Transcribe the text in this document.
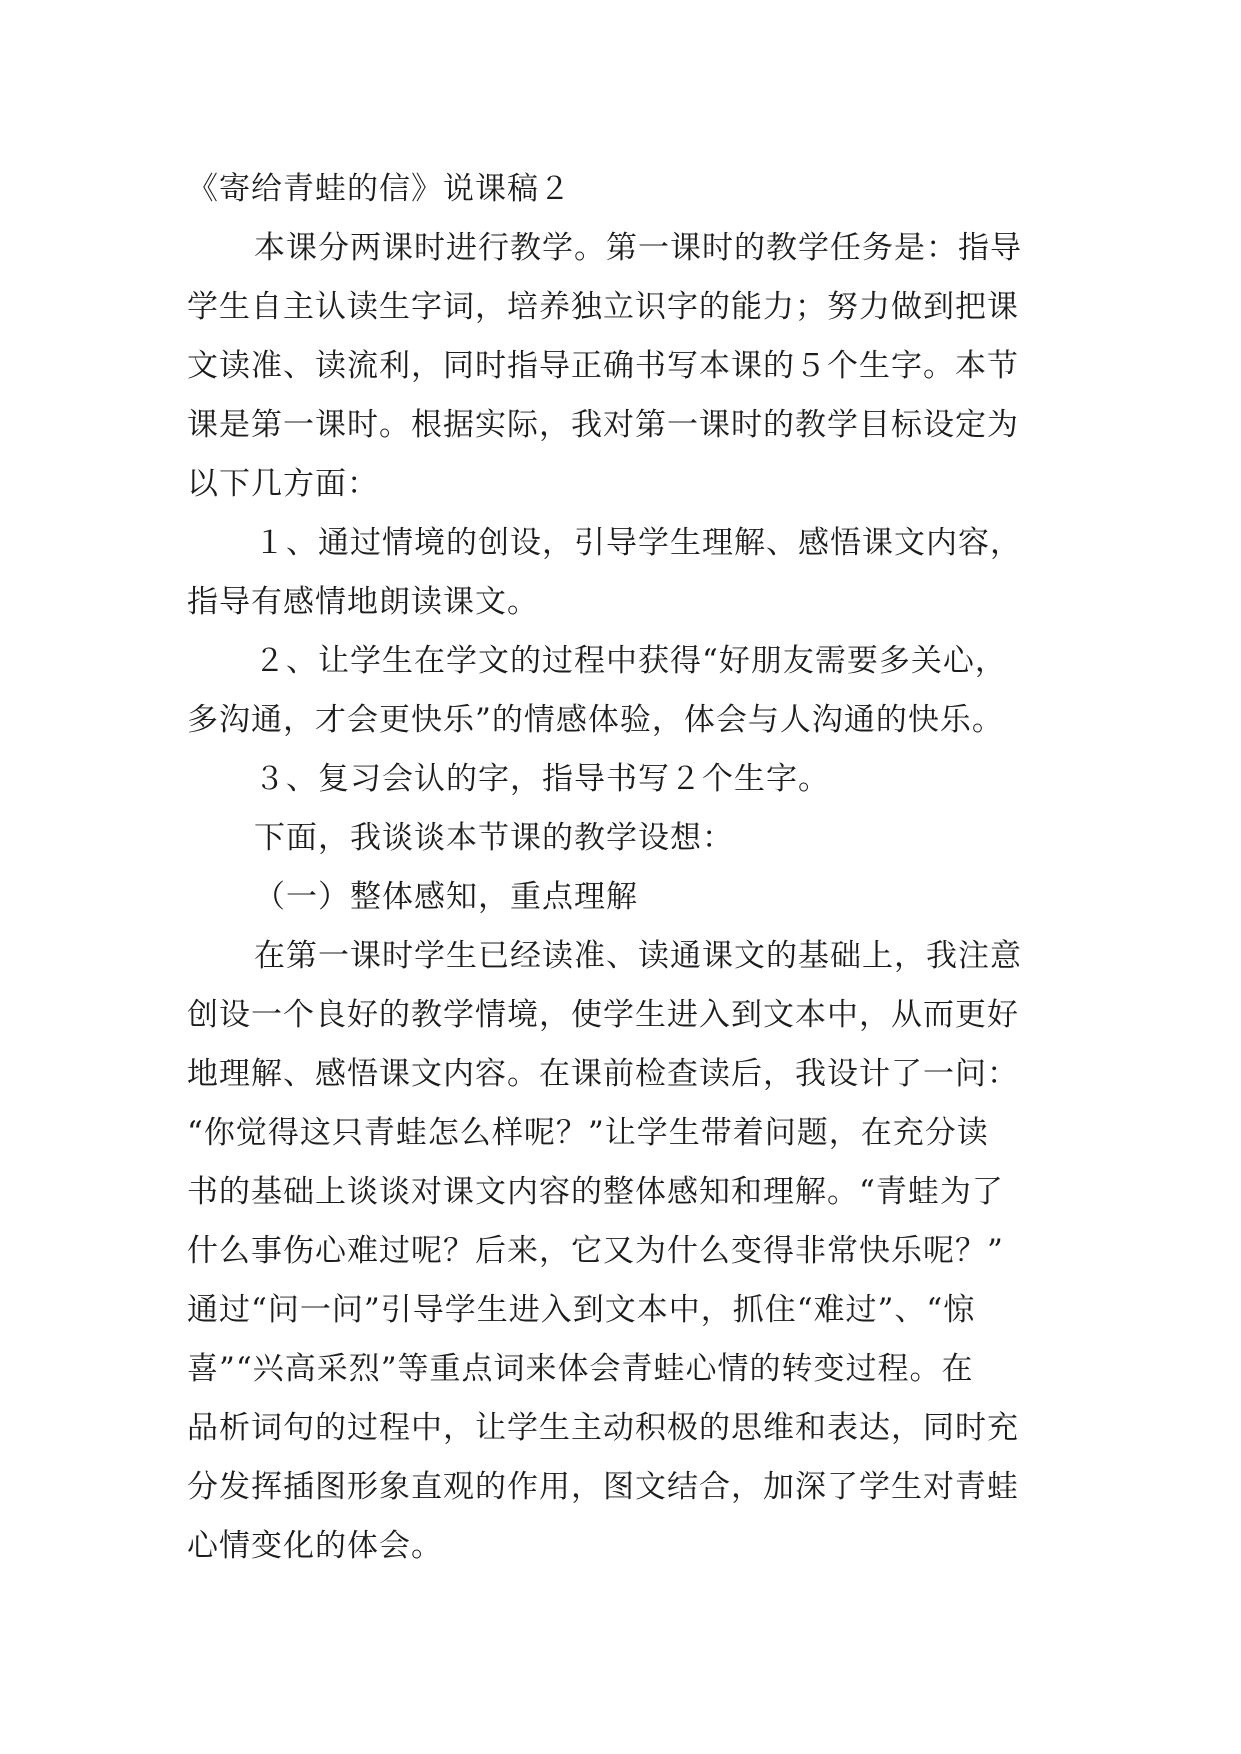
《寄给青蛙的信》说课稿２
本课分两课时进行教学。第一课时的教学任务是：指导
学生自主认读生字词，培养独立识字的能力；努力做到把课
文读准、读流利，同时指导正确书写本课的５个生字。本节
课是第一课时。根据实际，我对第一课时的教学目标设定为
以下几方面：
１、通过情境的创设，引导学生理解、感悟课文内容，
指导有感情地朗读课文。
２、让学生在学文的过程中获得“好朋友需要多关心，
多沟通，才会更快乐”的情感体验，体会与人沟通的快乐。
３、复习会认的字，指导书写２个生字。
下面，我谈谈本节课的教学设想：
（一）整体感知，重点理解
在第一课时学生已经读准、读通课文的基础上，我注意
创设一个良好的教学情境，使学生进入到文本中，从而更好
地理解、感悟课文内容。在课前检查读后，我设计了一问：
“你觉得这只青蛙怎么样呢？”让学生带着问题，在充分读
书的基础上谈谈对课文内容的整体感知和理解。“青蛙为了
什么事伤心难过呢？后来，它又为什么变得非常快乐呢？”
通过“问一问”引导学生进入到文本中，抓住“难过”、“惊
喜”“兴高采烈”等重点词来体会青蛙心情的转变过程。在
品析词句的过程中，让学生主动积极的思维和表达，同时充
分发挥插图形象直观的作用，图文结合，加深了学生对青蛙
心情变化的体会。
